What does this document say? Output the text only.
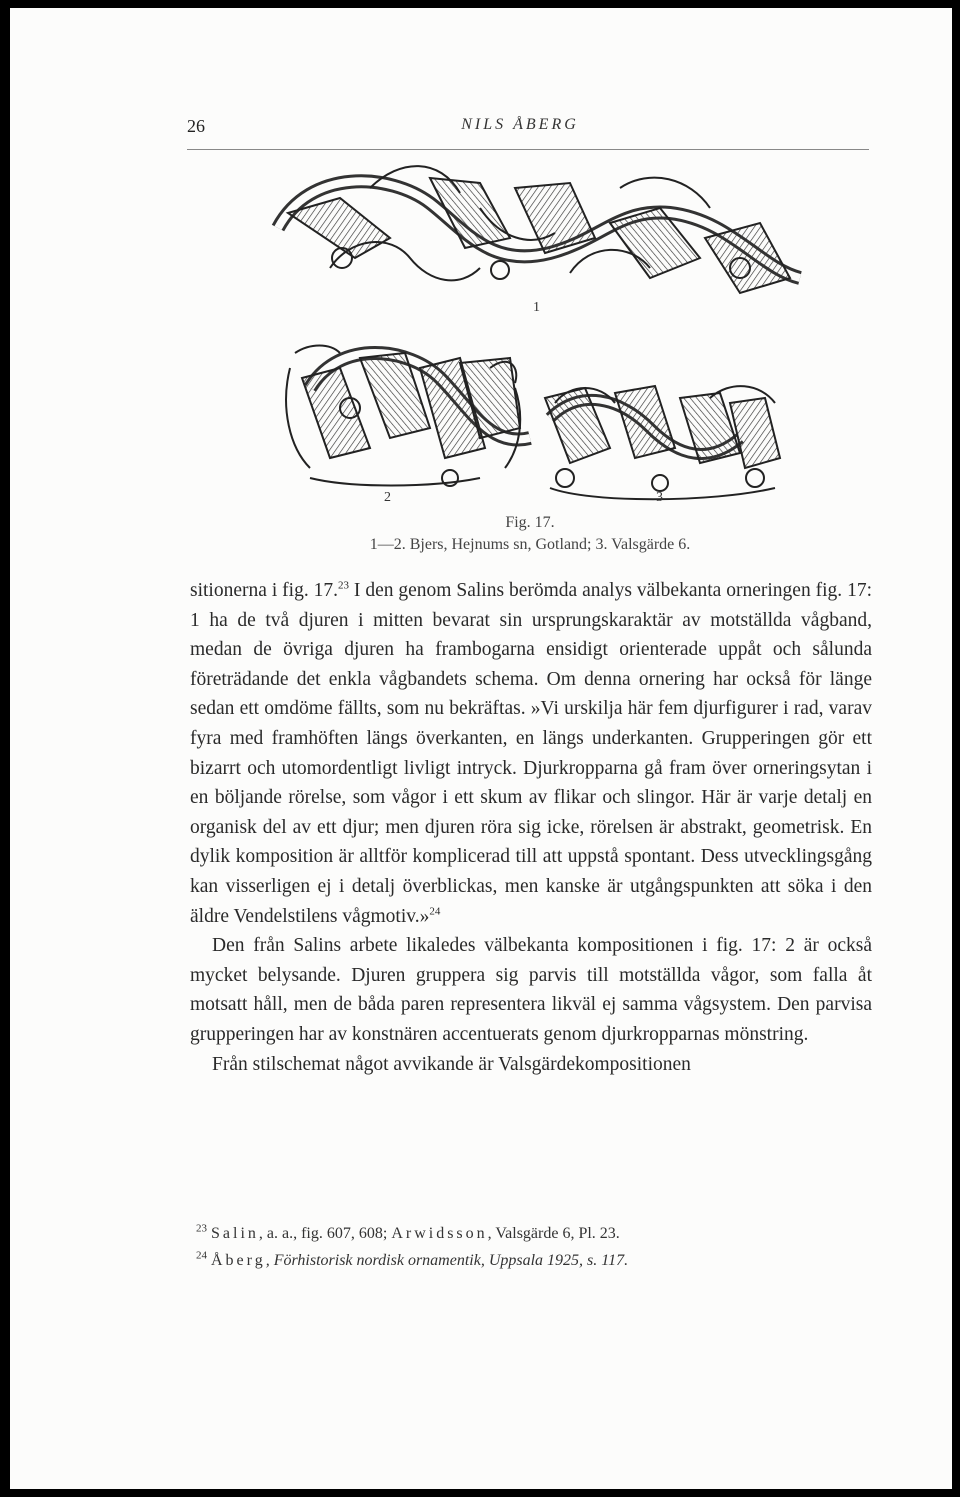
26	NILS ÅBERG
1
2	3
Fig. 17.
1—2. Bjers, Hejnums sn, Gotland; 3. Valsgärde 6.

sitionerna i fig. 17.23 I den genom Salins berömda analys välbekanta orneringen fig. 17: 1 ha de två djuren i mitten bevarat sin ursprungskaraktär av motställda vågband, medan de övriga djuren ha frambogarna ensidigt orienterade uppåt och sålunda företrädande det enkla vågbandets schema. Om denna ornering har också för länge sedan ett omdöme fällts, som nu bekräftas. »Vi urskilja här fem djurfigurer i rad, varav fyra med framhöften längs överkanten, en längs underkanten. Grupperingen gör ett bizarrt och utomordentligt livligt intryck. Djurkropparna gå fram över orneringsytan i en böljande rörelse, som vågor i ett skum av flikar och slingor. Här är varje detalj en organisk del av ett djur; men djuren röra sig icke, rörelsen är abstrakt, geometrisk. En dylik komposition är alltför komplicerad till att uppstå spontant. Dess utvecklingsgång kan visserligen ej i detalj överblickas, men kanske är utgångspunkten att söka i den äldre Vendelstilens vågmotiv.»$^{24}$

Den från Salins arbete likaledes välbekanta kompositionen i fig. 17: 2 är också mycket belysande. Djuren gruppera sig parvis till motställda vågor, som falla åt motsatt håll, men de båda paren representera likväl ej samma vågsystem. Den parvisa grupperingen har av konstnären accentuerats genom djurkropparnas mönstring.

Från stilschemat något avvikande är Valsgärdekompositionen

$^{23}$ Salin, a. a., fig. 607, 608; Arwidsson, Valsgärde 6, Pl. 23.

$^{24}$ Åberg, Förhistorisk nordisk ornamentik, Uppsala 1925, s. 117.
